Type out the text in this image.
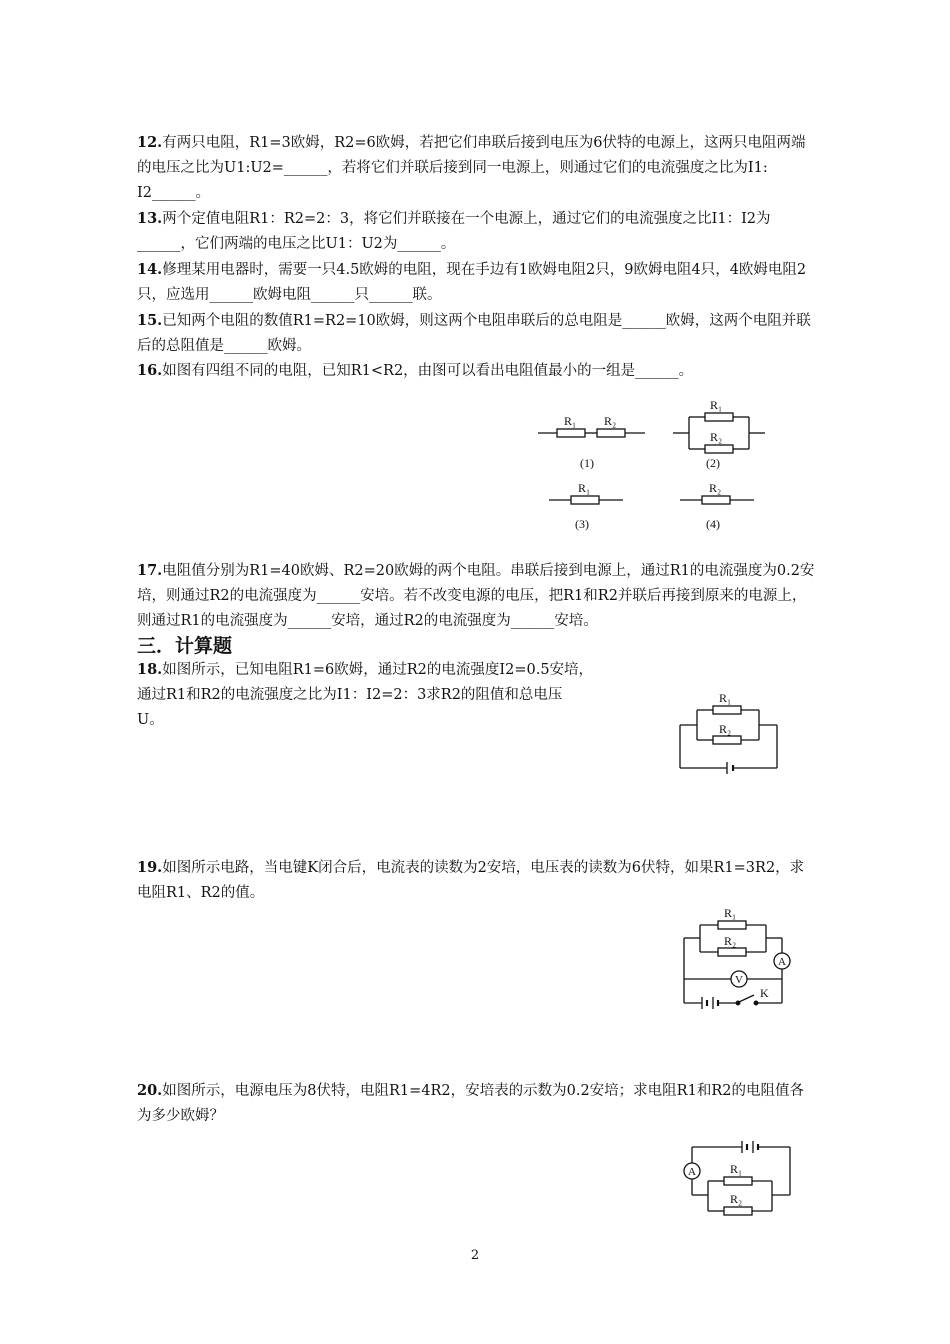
12.有两只电阻，R1=3欧姆，R2=6欧姆，若把它们串联后接到电压为6伏特的电源上，这两只电阻两端的电压之比为U1:U2=______，若将它们并联后接到同一电源上，则通过它们的电流强度之比为I1: I2______。

13.两个定值电阻R1：R2=2：3，将它们并联接在一个电源上，通过它们的电流强度之比I1：I2为______，它们两端的电压之比U1：U2为______。

14.修理某用电器时，需要一只4.5欧姆的电阻，现在手边有1欧姆电阻2只，9欧姆电阻4只，4欧姆电阻2只，应选用______欧姆电阻______只______联。

15.已知两个电阻的数值R1=R2=10欧姆，则这两个电阻串联后的总电阻是______欧姆，这两个电阻并联后的总阻值是______欧姆。

16.如图有四组不同的电阻，已知R1<R2，由图可以看出电阻值最小的一组是______。

R₁ R₂
(1)
R₁
R₂
(2)
R₁
(3)
R₂
(4)

17.电阻值分别为R1=40欧姆、R2=20欧姆的两个电阻。串联后接到电源上，通过R1的电流强度为0.2安培，则通过R2的电流强度为______安培。若不改变电源的电压，把R1和R2并联后再接到原来的电源上，则通过R1的电流强度为______安培，通过R2的电流强度为______安培。

三．计算题

18.如图所示，已知电阻R1=6欧姆，通过R2的电流强度I2=0.5安培，
通过R1和R2的电流强度之比为I1：I2=2：3求R2的阻值和总电压
U。

R₁
R₂

19.如图所示电路，当电键K闭合后，电流表的读数为2安培，电压表的读数为6伏特，如果R1=3R2，求电阻R1、R2的值。

R₁
R₂
A
V
K

20.如图所示，电源电压为8伏特，电阻R1=4R2，安培表的示数为0.2安培；求电阻R1和R2的电阻值各为多少欧姆？

A	R₁
R₂
2
